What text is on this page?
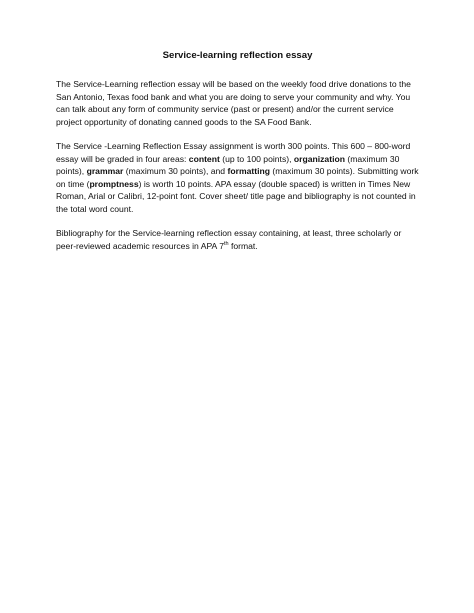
Service-learning reflection essay

The Service-Learning reflection essay will be based on the weekly food drive donations to the San Antonio, Texas food bank and what you are doing to serve your community and why. You can talk about any form of community service (past or present) and/or the current service project opportunity of donating canned goods to the SA Food Bank.

The Service -Learning Reflection Essay assignment is worth 300 points. This 600 – 800-word essay will be graded in four areas: content (up to 100 points), organization (maximum 30 points), grammar (maximum 30 points), and formatting (maximum 30 points). Submitting work on time (promptness) is worth 10 points. APA essay (double spaced) is written in Times New Roman, Arial or Calibri, 12-point font. Cover sheet/ title page and bibliography is not counted in the total word count.

Bibliography for the Service-learning reflection essay containing, at least, three scholarly or peer-reviewed academic resources in APA 7th format.
